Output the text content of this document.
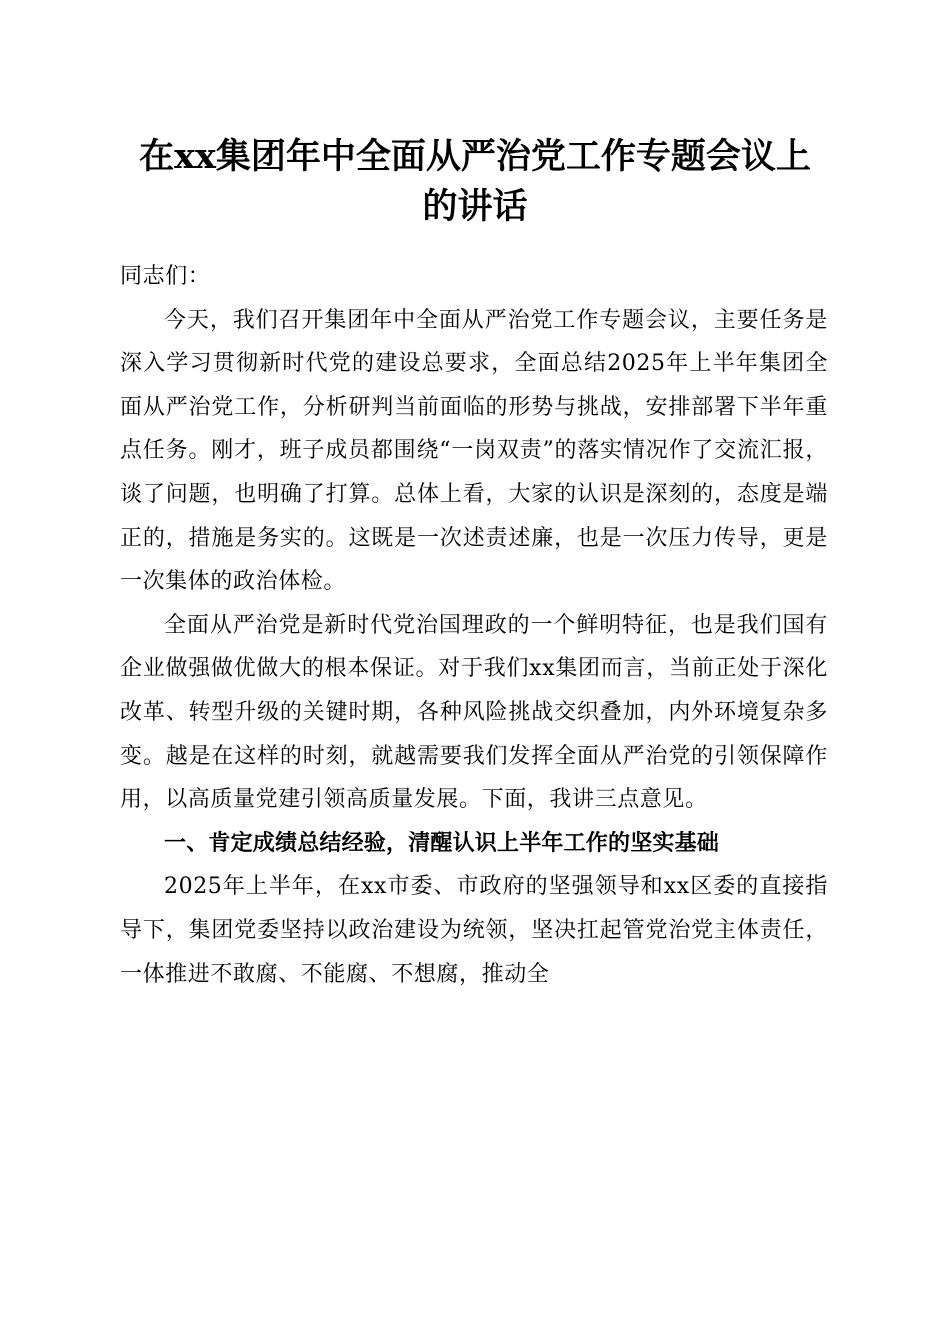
在xx集团年中全面从严治党工作专题会议上
的讲话

同志们：

今天，我们召开集团年中全面从严治党工作专题会议，主要任务是深入学习贯彻新时代党的建设总要求，全面总结2025年上半年集团全面从严治党工作，分析研判当前面临的形势与挑战，安排部署下半年重点任务。刚才，班子成员都围绕“一岗双责”的落实情况作了交流汇报，谈了问题，也明确了打算。总体上看，大家的认识是深刻的，态度是端正的，措施是务实的。这既是一次述责述廉，也是一次压力传导，更是一次集体的政治体检。

全面从严治党是新时代党治国理政的一个鲜明特征，也是我们国有企业做强做优做大的根本保证。对于我们xx集团而言，当前正处于深化改革、转型升级的关键时期，各种风险挑战交织叠加，内外环境复杂多变。越是在这样的时刻，就越需要我们发挥全面从严治党的引领保障作用，以高质量党建引领高质量发展。下面，我讲三点意见。

一、肯定成绩总结经验，清醒认识上半年工作的坚实基础

2025年上半年，在xx市委、市政府的坚强领导和xx区委的直接指导下，集团党委坚持以政治建设为统领，坚决扛起管党治党主体责任，一体推进不敢腐、不能腐、不想腐，推动全
